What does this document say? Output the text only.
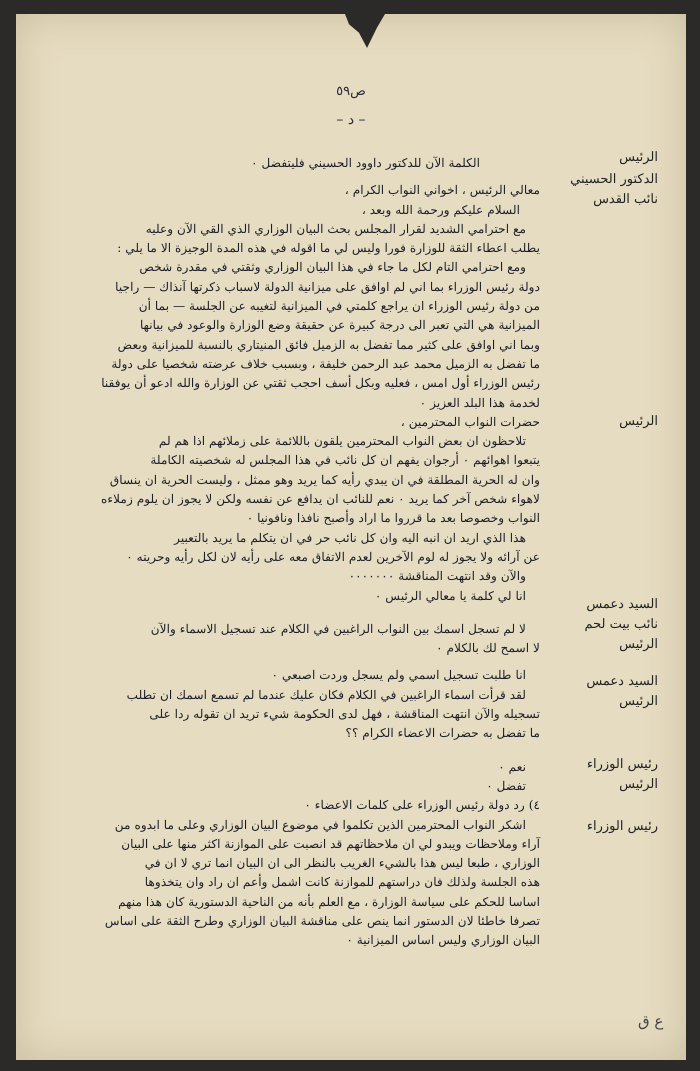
ص٥٩
– د –
الرئيس
الدكتور الحسيني
نائب القدس
الرئيس
السيد دعمس
نائب بيت لحم
الرئيس
السيد دعمس
الرئيس
رئيس الوزراء
الرئيس
رئيس الوزراء

الكلمة الآن للدكتور داوود الحسيني فليتفضل ٠

معالي الرئيس ، اخواني النواب الكرام ،

السلام عليكم ورحمة الله وبعد ،

مع احترامي الشديد لقرار المجلس بحث البيان الوزاري الذي القي الآن وعليه

يطلب اعطاء الثقة للوزارة فورا وليس لي ما اقوله في هذه المدة الوجيزة الا ما يلي :

ومع احترامي التام لكل ما جاء في هذا البيان الوزاري وثقتي في مقدرة شخص

دولة رئيس الوزراء بما اني لم اوافق على ميزانية الدولة لاسباب ذكرتها آنذاك — راجيا

من دولة رئيس الوزراء ان يراجع كلمتي في الميزانية لتغيبه عن الجلسة — بما أن

الميزانية هي التي تعبر الى درجة كبيرة عن حقيقة وضع الوزارة والوعود في بيانها

وبما اني اوافق على كثير مما تفضل به الزميل فائق المنيتاري بالنسبة للميزانية وبعض

ما تفضل به الزميل محمد عبد الرحمن خليفة ، وبسبب خلاف عرضته شخصيا على دولة

رئيس الوزراء أول امس ، فعليه وبكل أسف احجب ثقتي عن الوزارة والله ادعو أن يوفقنا

لخدمة هذا البلد العزيز ٠

حضرات النواب المحترمين ،

تلاحظون ان بعض النواب المحترمين يلقون باللائمة على زملائهم اذا هم لم

يتبعوا اهوائهم ٠ أرجوان يفهم ان كل نائب في هذا المجلس له شخصيته الكاملة

وان له الحرية المطلقة في ان يبدي رأيه كما يريد وهو ممثل ، وليست الحرية ان ينساق

لاهواء شخص آخر كما يريد ٠ نعم للنائب ان يدافع عن نفسه ولكن لا يجوز ان يلوم زملاءه

النواب وخصوصا بعد ما قرروا ما اراد وأصبح نافذا ونافونيا ٠

هذا الذي اريد ان انبه اليه وان كل نائب حر في ان يتكلم ما يريد بالتعبير

عن آرائه ولا يجوز له لوم الآخرين لعدم الاتفاق معه على رأيه لان لكل رأيه وحريته ٠

والآن وقد انتهت المناقشة ٠٠٠٠٠٠٠

انا لي كلمة يا معالي الرئيس ٠

لا لم تسجل اسمك بين النواب الراغبين في الكلام عند تسجيل الاسماء والآن

لا اسمح لك بالكلام ٠

انا طلبت تسجيل اسمي ولم يسجل وردت اصبعي ٠

لقد قرأت اسماء الراغبين في الكلام فكان عليك عندما لم تسمع اسمك ان تطلب

تسجيله والآن انتهت المناقشة ، فهل لدى الحكومة شيء تريد ان تقوله ردا على

ما تفضل به حضرات الاعضاء الكرام ؟؟

نعم ٠

تفضل ٠

٤) رد دولة رئيس الوزراء على كلمات الاعضاء ٠

اشكر النواب المحترمين الذين تكلموا في موضوع البيان الوزاري وعلى ما ابدوه من

آراء وملاحظات ويبدو لي ان ملاحظاتهم قد انصبت على الموازنة اكثر منها على البيان

الوزاري ، طبعا ليس هذا بالشيء الغريب بالنظر الى ان البيان انما تري لا ان في

هذه الجلسة ولذلك فان دراستهم للموازنة كانت اشمل وأعم ان راد وان يتخذوها

اساسا للحكم على سياسة الوزارة ، مع العلم بأنه من الناحية الدستورية كان هذا منهم

تصرفا خاطئا لان الدستور انما ينص على مناقشة البيان الوزاري وطرح الثقة على اساس

البيان الوزاري وليس اساس الميزانية ٠

ع ق
